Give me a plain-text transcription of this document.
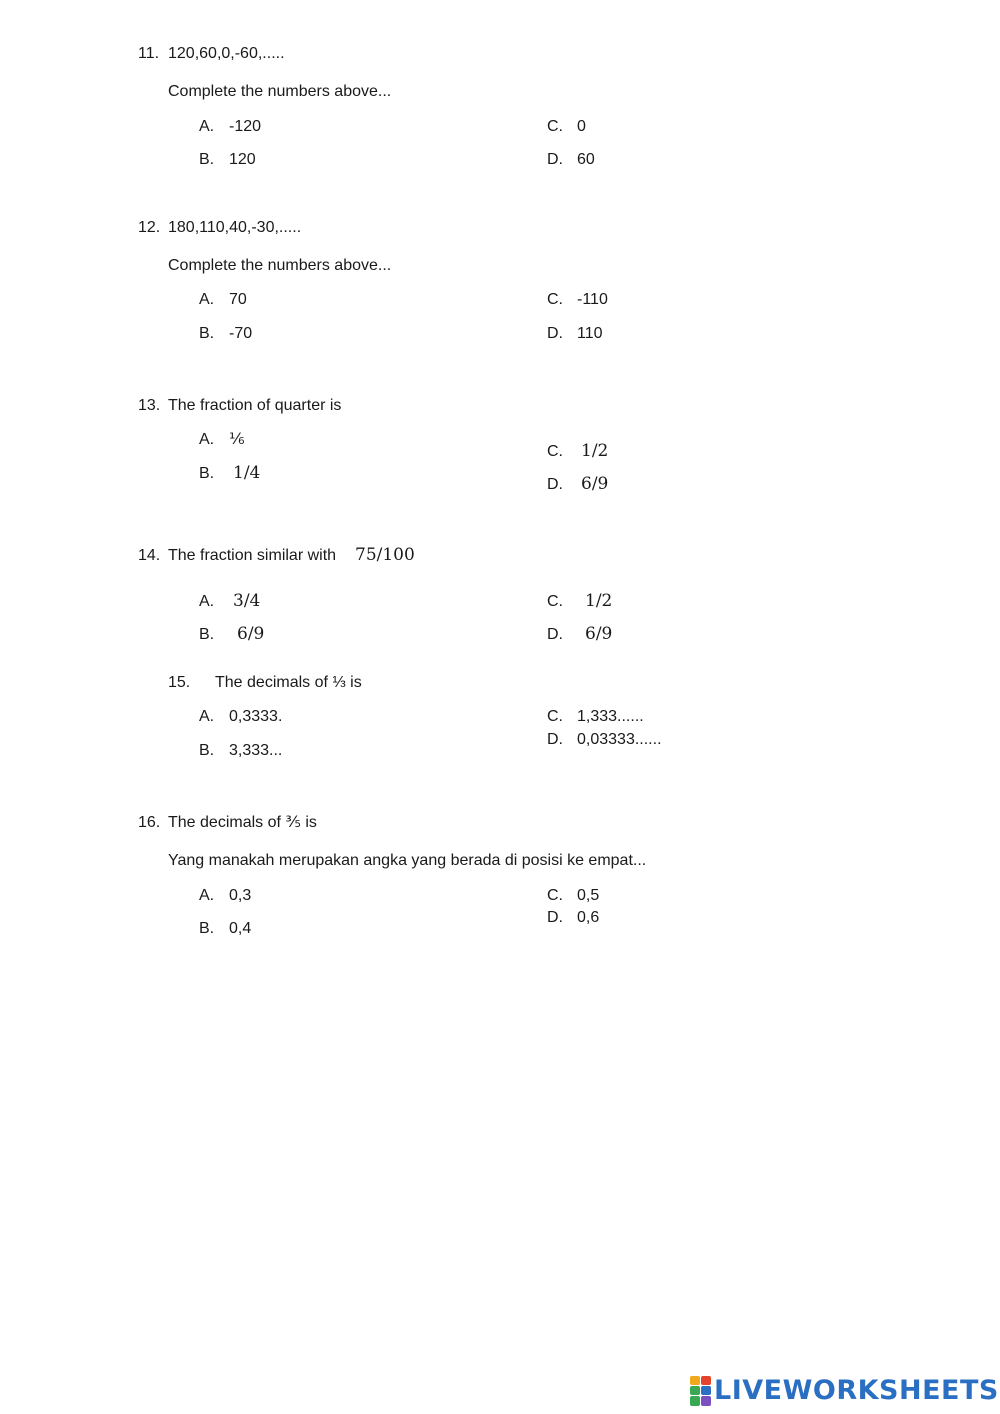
11. 120,60,0,-60,.....
Complete the numbers above...
A. -120
B. 120
C. 0
D. 60
12. 180,110,40,-30,.....
Complete the numbers above...
A. 70
B. -70
C. -110
D. 110
13. The fraction of quarter is
A. ⅙
B. 1/4
C. 1/2
D. 6/9
14. The fraction similar with 75/100
A. 3/4
B. 6/9
C. 1/2
D. 6/9
15. The decimals of ⅓ is
A. 0,3333.
B. 3,333...
C. 1,333......
D. 0,03333......
16. The decimals of ⅗ is
Yang manakah merupakan angka yang berada di posisi ke empat...
A. 0,3
B. 0,4
C. 0,5
D. 0,6
LIVEWORKSHEETS
